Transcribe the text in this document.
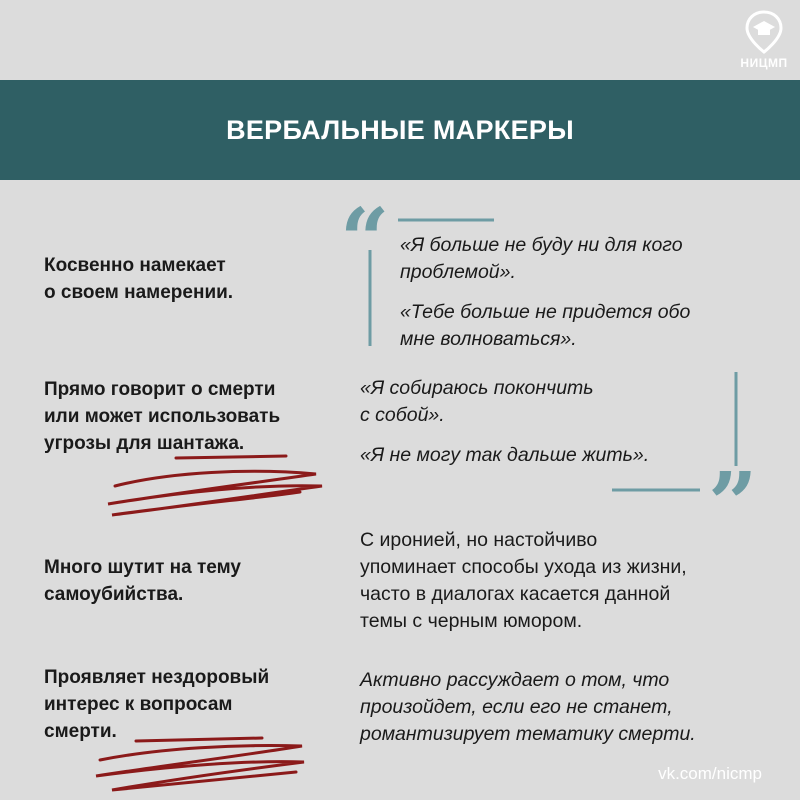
НИЦМП
ВЕРБАЛЬНЫЕ МАРКЕРЫ
“
”
Косвенно намекает
о своем намерении.

«Я больше не буду ни для кого
проблемой».

«Тебе больше не придется обо
мне волноваться».

Прямо говорит о смерти
или может использовать
угрозы для шантажа.

«Я собираюсь покончить
с собой».

«Я не могу так дальше жить».

Много шутит на тему
самоубийства.
С иронией, но настойчиво
упоминает способы ухода из жизни,
часто в диалогах касается данной
темы с черным юмором.
Проявляет нездоровый
интерес к вопросам
смерти.
Активно рассуждает о том, что
произойдет, если его не станет,
романтизирует тематику смерти.
vk.com/nicmp
